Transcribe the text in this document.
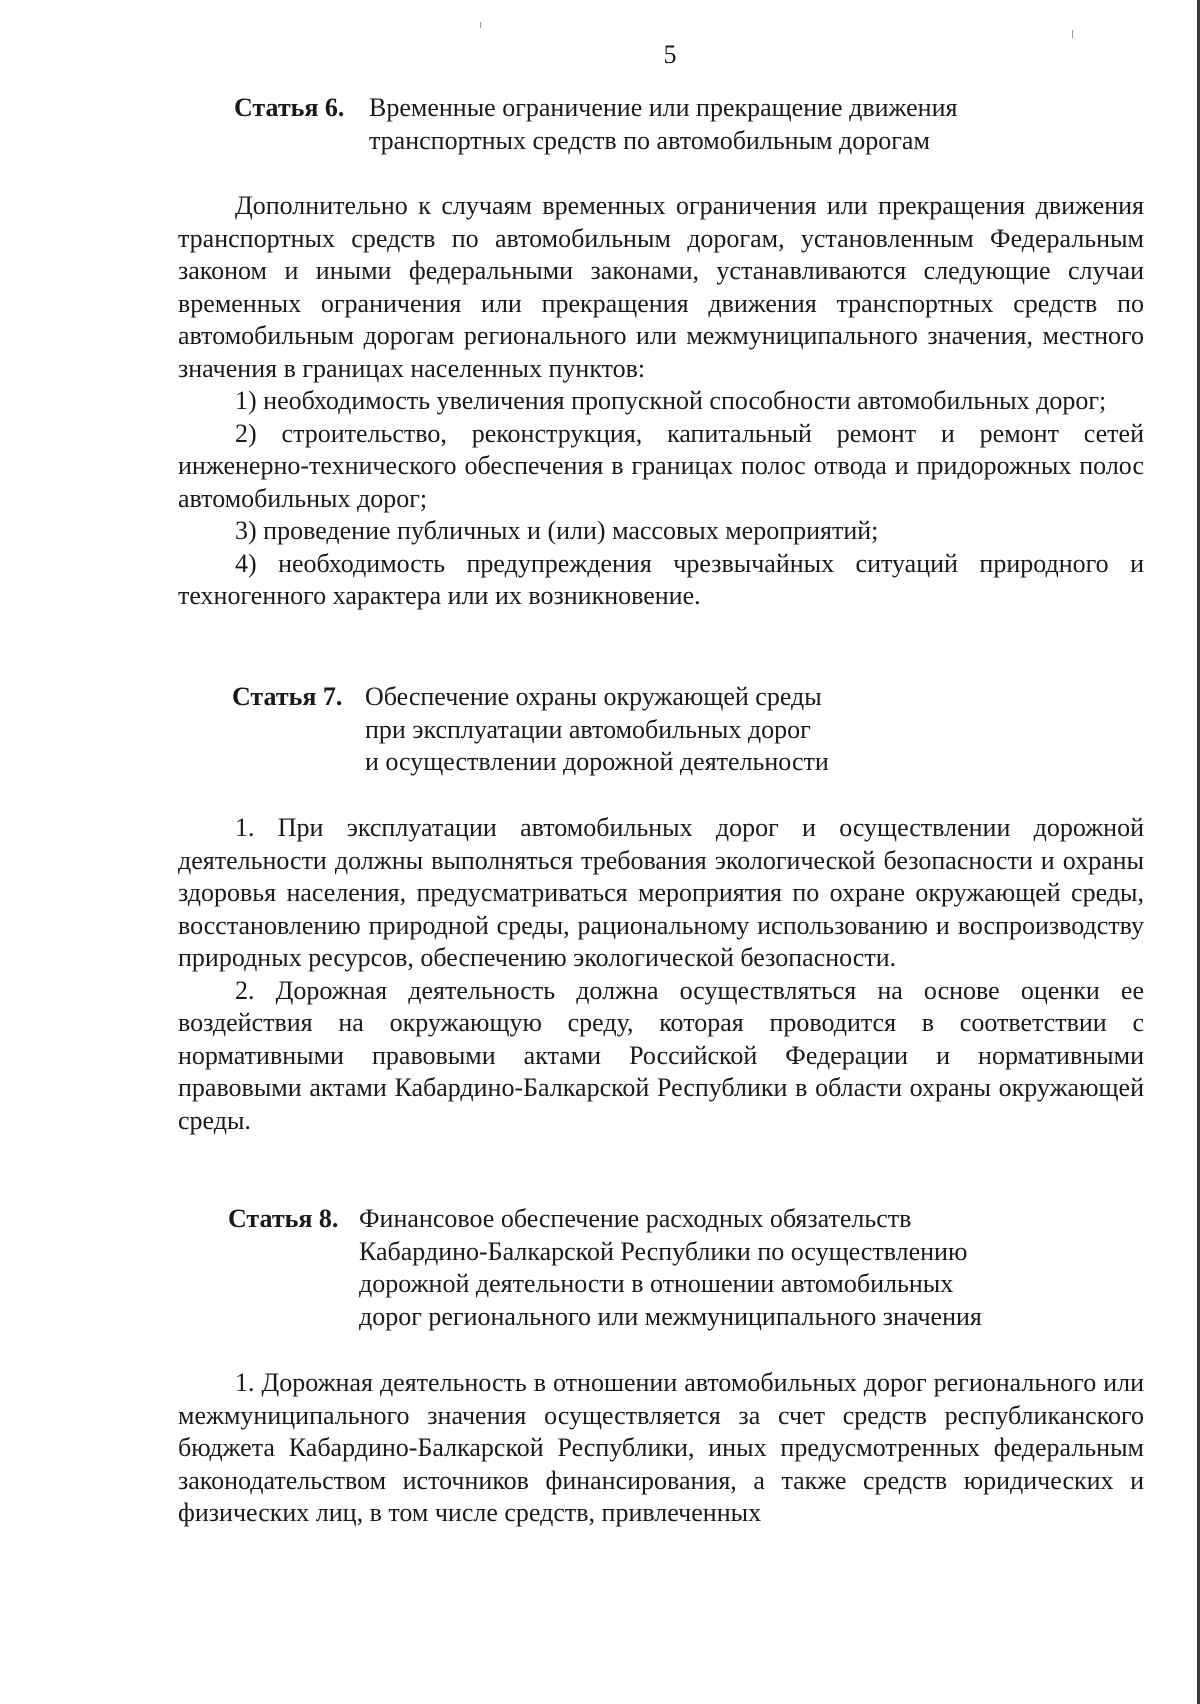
5
Статья 6. Временные ограничение или прекращение движения
транспортных средств по автомобильным дорогам

Дополнительно к случаям временных ограничения или прекращения движения транспортных средств по автомобильным дорогам, установленным Федеральным законом и иными федеральными законами, устанавливаются следующие случаи временных ограничения или прекращения движения транспортных средств по автомобильным дорогам регионального или межмуниципального значения, местного значения в границах населенных пунктов:

1) необходимость увеличения пропускной способности автомобильных дорог;

2) строительство, реконструкция, капитальный ремонт и ремонт сетей инженерно-технического обеспечения в границах полос отвода и придорожных полос автомобильных дорог;

3) проведение публичных и (или) массовых мероприятий;

4) необходимость предупреждения чрезвычайных ситуаций природного и техногенного характера или их возникновение.

Статья 7. Обеспечение охраны окружающей среды
при эксплуатации автомобильных дорог
и осуществлении дорожной деятельности

1. При эксплуатации автомобильных дорог и осуществлении дорожной деятельности должны выполняться требования экологической безопасности и охраны здоровья населения, предусматриваться мероприятия по охране окружающей среды, восстановлению природной среды, рациональному использованию и воспроизводству природных ресурсов, обеспечению экологической безопасности.

2. Дорожная деятельность должна осуществляться на основе оценки ее воздействия на окружающую среду, которая проводится в соответствии с нормативными правовыми актами Российской Федерации и нормативными правовыми актами Кабардино-Балкарской Республики в области охраны окружающей среды.

Статья 8. Финансовое обеспечение расходных обязательств
Кабардино-Балкарской Республики по осуществлению
дорожной деятельности в отношении автомобильных
дорог регионального или межмуниципального значения

1. Дорожная деятельность в отношении автомобильных дорог регионального или межмуниципального значения осуществляется за счет средств республиканского бюджета Кабардино-Балкарской Республики, иных предусмотренных федеральным законодательством источников финансирования, а также средств юридических и физических лиц, в том числе средств, привлеченных
